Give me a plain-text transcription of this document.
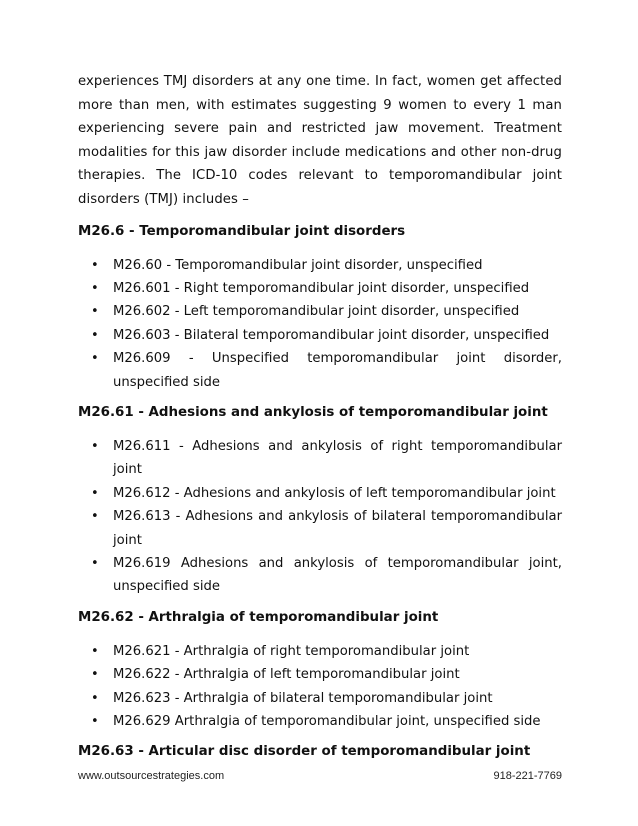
experiences TMJ disorders at any one time. In fact, women get affected more than men, with estimates suggesting 9 women to every 1 man experiencing severe pain and restricted jaw movement. Treatment modalities for this jaw disorder include medications and other non-drug therapies. The ICD-10 codes relevant to temporomandibular joint disorders (TMJ) includes –

M26.6 - Temporomandibular joint disorders
• M26.60 - Temporomandibular joint disorder, unspecified
• M26.601 - Right temporomandibular joint disorder, unspecified
• M26.602 - Left temporomandibular joint disorder, unspecified
• M26.603 - Bilateral temporomandibular joint disorder, unspecified
• M26.609 - Unspecified temporomandibular joint disorder, unspecified side
M26.61 - Adhesions and ankylosis of temporomandibular joint
• M26.611 - Adhesions and ankylosis of right temporomandibular joint
• M26.612 - Adhesions and ankylosis of left temporomandibular joint
• M26.613 - Adhesions and ankylosis of bilateral temporomandibular joint
• M26.619 Adhesions and ankylosis of temporomandibular joint, unspecified side
M26.62 - Arthralgia of temporomandibular joint
• M26.621 - Arthralgia of right temporomandibular joint
• M26.622 - Arthralgia of left temporomandibular joint
• M26.623 - Arthralgia of bilateral temporomandibular joint
• M26.629 Arthralgia of temporomandibular joint, unspecified side
M26.63 - Articular disc disorder of temporomandibular joint
www.outsourcestrategies.com	918-221-7769
